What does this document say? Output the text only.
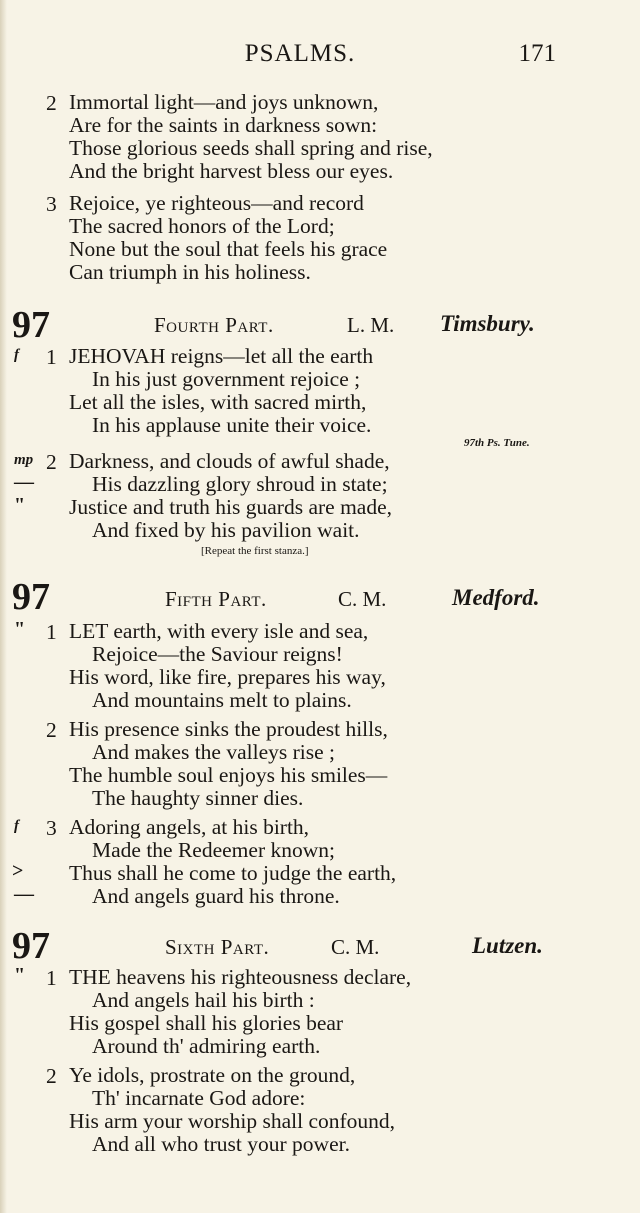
PSALMS.	171
2 Immortal light—and joys unknown,
Are for the saints in darkness sown:
Those glorious seeds shall spring and rise,
And the bright harvest bless our eyes.
3 Rejoice, ye righteous—and record
The sacred honors of the Lord;
None but the soul that feels his grace
Can triumph in his holiness.
97	Fourth Part.	L. M. Timsbury.
f 1 JEHOVAH reigns—let all the earth
In his just government rejoice ;
Let all the isles, with sacred mirth,
In his applause unite their voice.
97th Ps. Tune.
mp 2 Darkness, and clouds of awful shade,
—	His dazzling glory shroud in state;
" Justice and truth his guards are made,
And fixed by his pavilion wait.
[Repeat the first stanza.]
97	Fifth Part.	C. M.	Medford.
" 1 LET earth, with every isle and sea,
Rejoice—the Saviour reigns!
His word, like fire, prepares his way,
And mountains melt to plains.
2 His presence sinks the proudest hills,
And makes the valleys rise ;
The humble soul enjoys his smiles—
The haughty sinner dies.
f 3 Adoring angels, at his birth,
Made the Redeemer known;
> Thus shall he come to judge the earth,
—	And angels guard his throne.
97	Sixth Part.	C. M.	Lutzen.
" 1 THE heavens his righteousness declare,
And angels hail his birth :
His gospel shall his glories bear
Around th' admiring earth.
2 Ye idols, prostrate on the ground,
Th' incarnate God adore:
His arm your worship shall confound,
And all who trust your power.
